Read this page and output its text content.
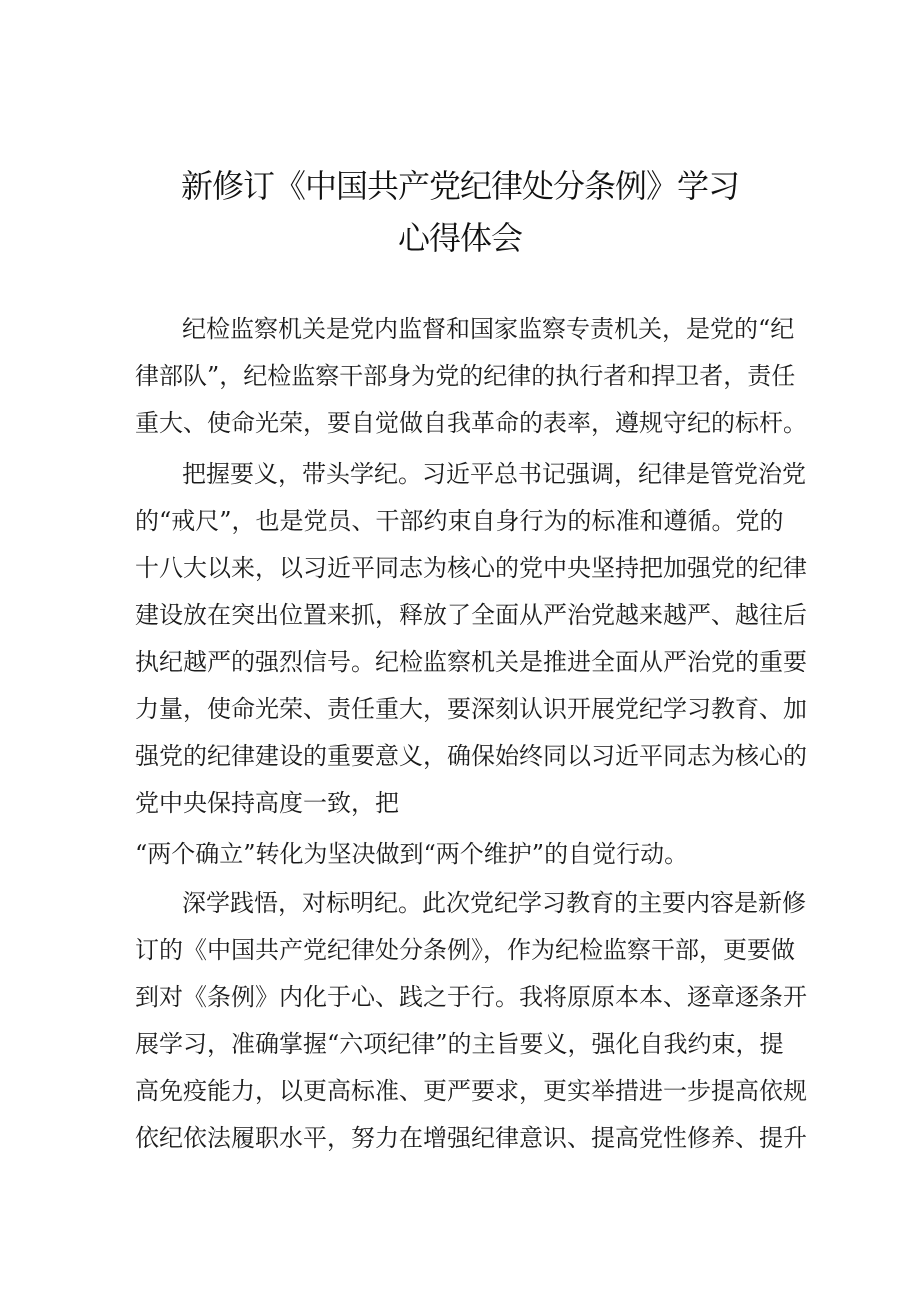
新修订《中国共产党纪律处分条例》学习
心得体会
纪检监察机关是党内监督和国家监察专责机关，是党的“纪
律部队”，纪检监察干部身为党的纪律的执行者和捍卫者，责任
重大、使命光荣，要自觉做自我革命的表率，遵规守纪的标杆。
把握要义，带头学纪。习近平总书记强调，纪律是管党治党
的“戒尺”，也是党员、干部约束自身行为的标准和遵循。党的
十八大以来，以习近平同志为核心的党中央坚持把加强党的纪律
建设放在突出位置来抓，释放了全面从严治党越来越严、越往后
执纪越严的强烈信号。纪检监察机关是推进全面从严治党的重要
力量，使命光荣、责任重大，要深刻认识开展党纪学习教育、加
强党的纪律建设的重要意义，确保始终同以习近平同志为核心的
党中央保持高度一致，把
“两个确立”转化为坚决做到“两个维护”的自觉行动。
深学践悟，对标明纪。此次党纪学习教育的主要内容是新修
订的《中国共产党纪律处分条例》，作为纪检监察干部，更要做
到对《条例》内化于心、践之于行。我将原原本本、逐章逐条开
展学习，准确掌握“六项纪律”的主旨要义，强化自我约束，提
高免疫能力，以更高标准、更严要求，更实举措进一步提高依规
依纪依法履职水平，努力在增强纪律意识、提高党性修养、提升
